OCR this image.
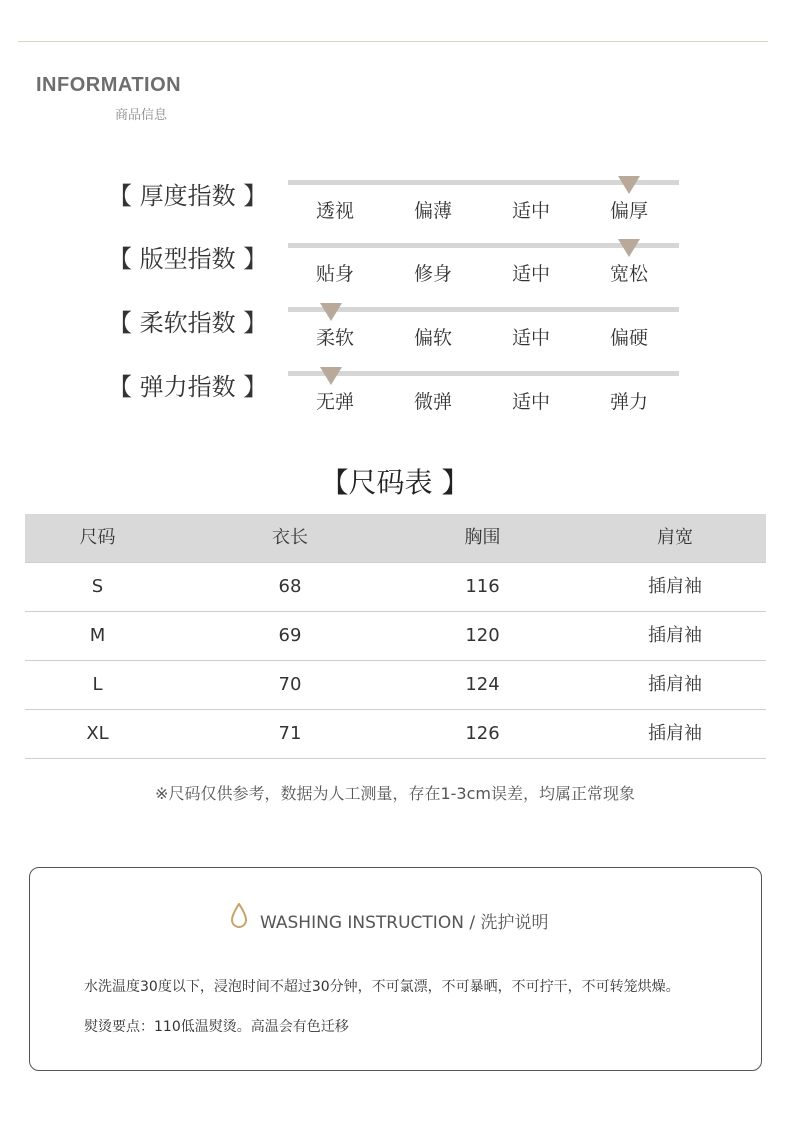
INFORMATION
商品信息
【 厚度指数 】
透视	偏薄	适中	偏厚
【 版型指数 】
贴身	修身	适中	宽松
【 柔软指数 】
柔软	偏软	适中	偏硬
【 弹力指数 】
无弹	微弹	适中	弹力
【尺码表 】
尺码	衣长	胸围	肩宽
S	68	116	插肩袖
M	69	120	插肩袖
L	70	124	插肩袖
XL	71	126	插肩袖
※尺码仅供参考，数据为人工测量，存在1-3cm误差，均属正常现象
WASHING INSTRUCTION / 洗护说明
水洗温度30度以下，浸泡时间不超过30分钟，不可氯漂，不可暴晒，不可拧干，不可转笼烘燥。
熨烫要点：110低温熨烫。高温会有色迁移
